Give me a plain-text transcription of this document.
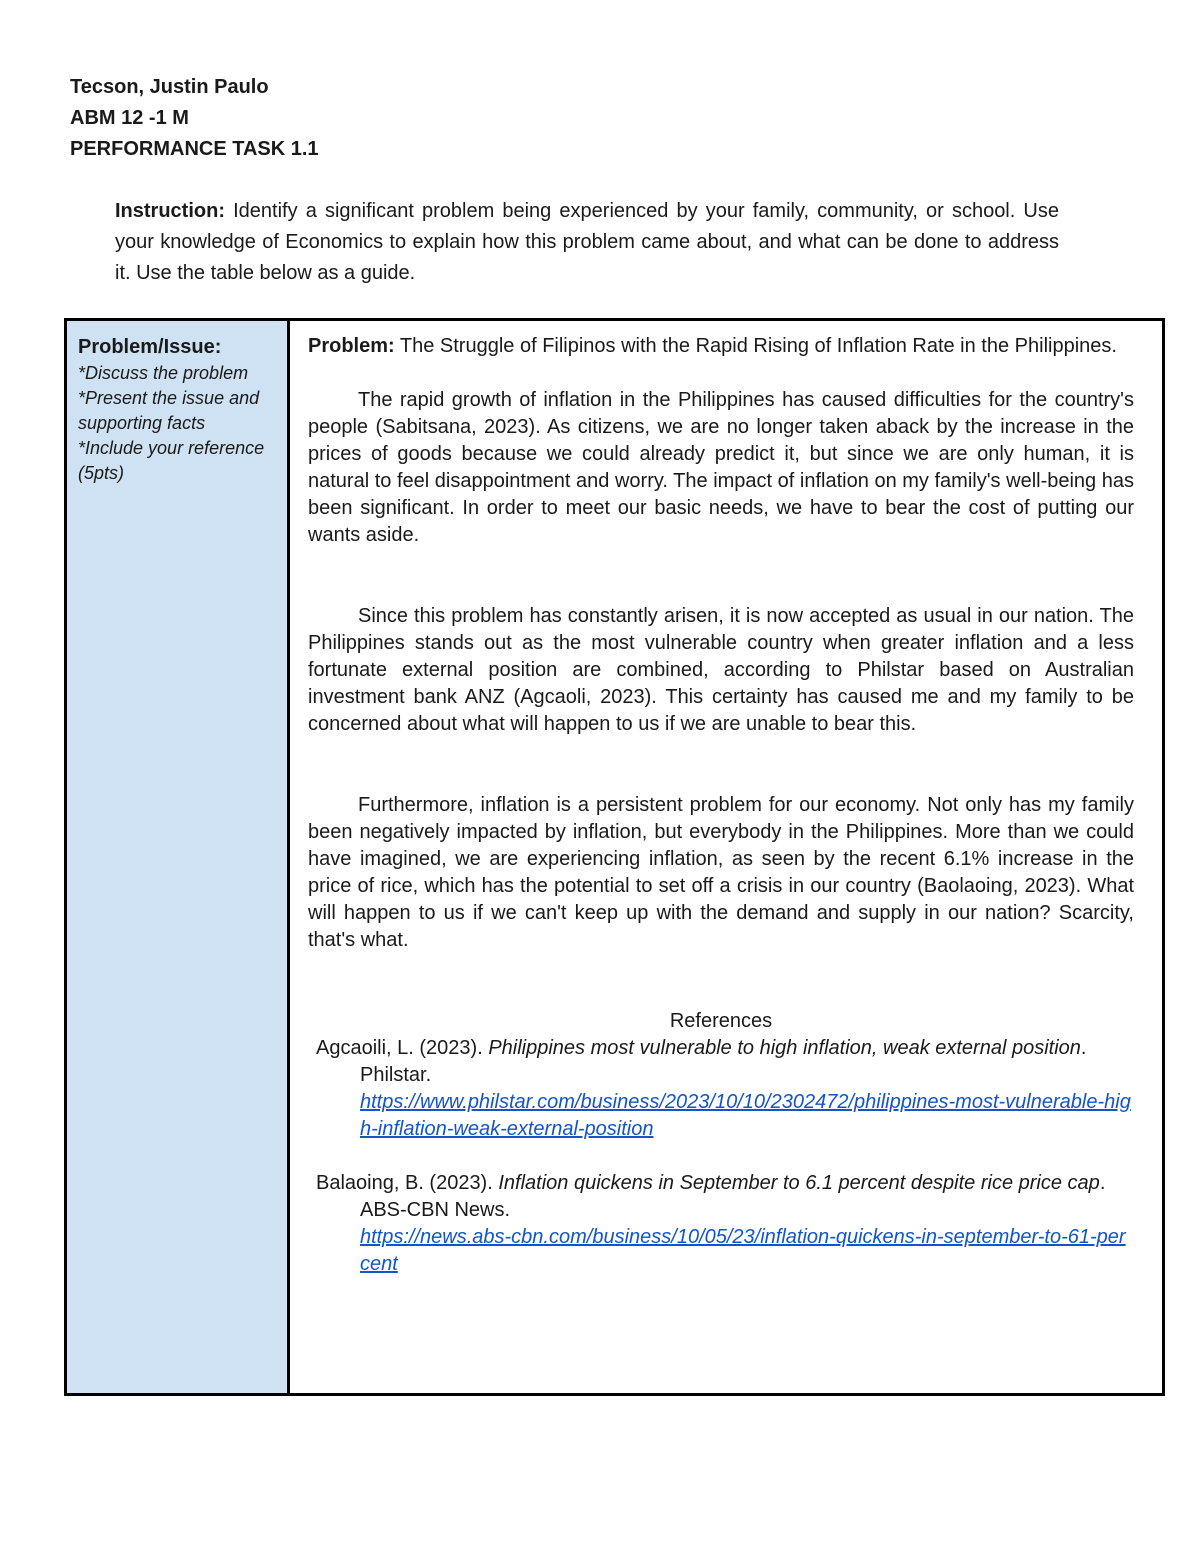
Tecson, Justin Paulo
ABM 12 -1 M
PERFORMANCE TASK 1.1
Instruction: Identify a significant problem being experienced by your family, community, or school. Use your knowledge of Economics to explain how this problem came about, and what can be done to address it. Use the table below as a guide.
Problem/Issue:
*Discuss the problem
*Present the issue and supporting facts
*Include your reference (5pts)

Problem: The Struggle of Filipinos with the Rapid Rising of Inflation Rate in the Philippines.

The rapid growth of inflation in the Philippines has caused difficulties for the country's people (Sabitsana, 2023). As citizens, we are no longer taken aback by the increase in the prices of goods because we could already predict it, but since we are only human, it is natural to feel disappointment and worry. The impact of inflation on my family's well-being has been significant. In order to meet our basic needs, we have to bear the cost of putting our wants aside.

Since this problem has constantly arisen, it is now accepted as usual in our nation. The Philippines stands out as the most vulnerable country when greater inflation and a less fortunate external position are combined, according to Philstar based on Australian investment bank ANZ (Agcaoli, 2023). This certainty has caused me and my family to be concerned about what will happen to us if we are unable to bear this.

Furthermore, inflation is a persistent problem for our economy. Not only has my family been negatively impacted by inflation, but everybody in the Philippines. More than we could have imagined, we are experiencing inflation, as seen by the recent 6.1% increase in the price of rice, which has the potential to set off a crisis in our country (Baolaoing, 2023). What will happen to us if we can't keep up with the demand and supply in our nation? Scarcity, that's what.

References

Agcaoili, L. (2023). Philippines most vulnerable to high inflation, weak external position. Philstar.
https://www.philstar.com/business/2023/10/10/2302472/philippines-most-vulnerable-high-inflation-weak-external-position

Balaoing, B. (2023). Inflation quickens in September to 6.1 percent despite rice price cap. ABS-CBN News.
https://news.abs-cbn.com/business/10/05/23/inflation-quickens-in-september-to-61-percent
